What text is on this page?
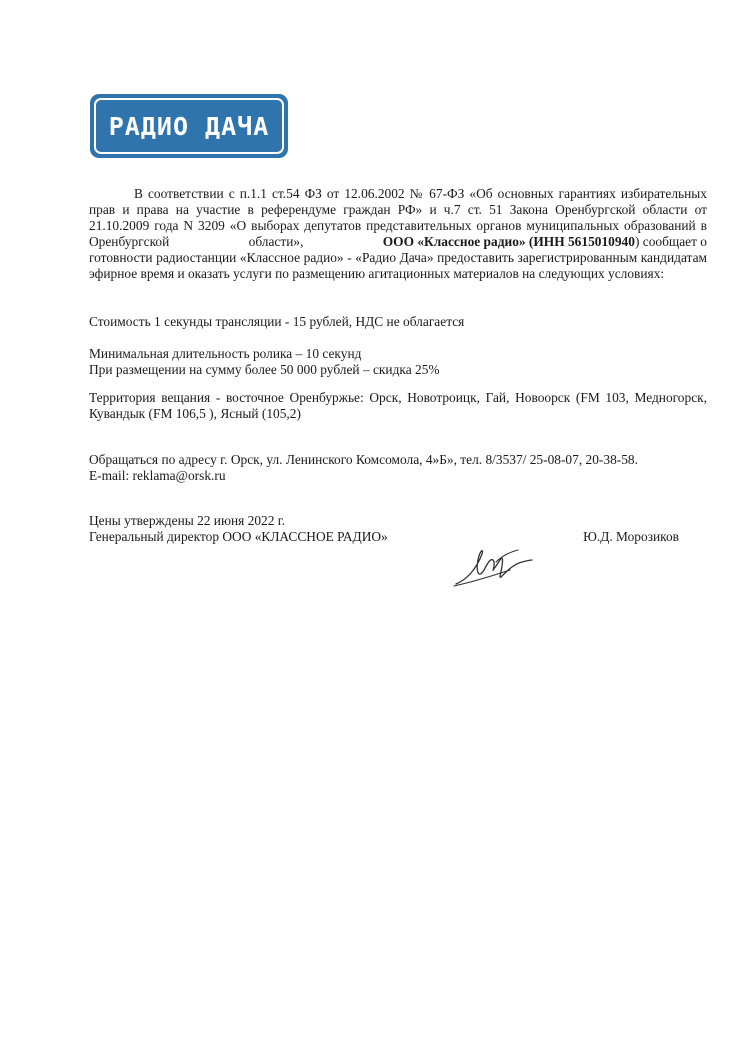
РАДИО ДАЧА
В соответствии с п.1.1 ст.54 ФЗ от 12.06.2002 № 67-ФЗ «Об основных гарантиях избирательных
прав и права на участие в референдуме граждан РФ» и ч.7 ст. 51 Закона Оренбургской области от
21.10.2009 года N 3209 «О выборах депутатов представительных органов муниципальных образований в
Оренбургской	области»,	ООО «Классное радио» (ИНН 5615010940) сообщает о
готовности радиостанции «Классное радио» - «Радио Дача» предоставить зарегистрированным кандидатам
эфирное время и оказать услуги по размещению агитационных материалов на следующих условиях:
Стоимость 1 секунды трансляции - 15 рублей, НДС не облагается
Минимальная длительность ролика – 10 секунд
При размещении на сумму более 50 000 рублей – скидка 25%
Территория вещания - восточное Оренбуржье: Орск, Новотроицк, Гай, Новоорск (FM 103, Медногорск,
Кувандык (FM 106,5 ), Ясный (105,2)
Обращаться по адресу г. Орск, ул. Ленинского Комсомола, 4»Б», тел. 8/3537/ 25-08-07, 20-38-58.
E-mail: reklama@orsk.ru
Цены утверждены 22 июня 2022 г.
Генеральный директор ООО «КЛАССНОЕ РАДИО»	Ю.Д. Морозиков
